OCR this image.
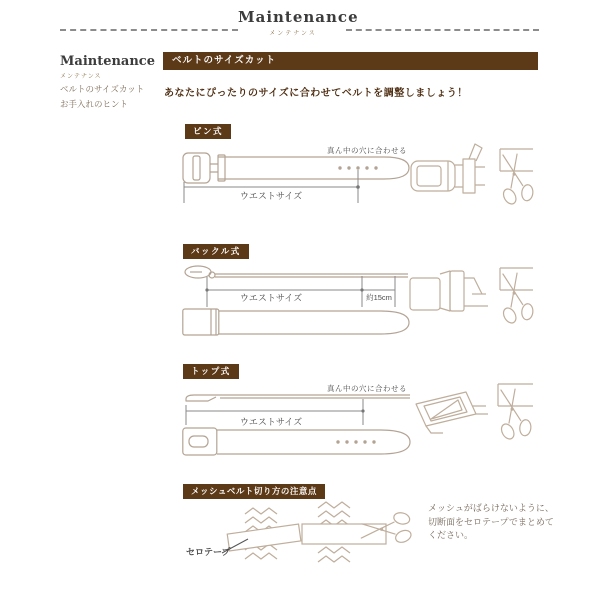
Maintenance
メンテナンス
Maintenance
メンテナンス
ベルトのサイズカット
お手入れのヒント
ベルトのサイズカット
あなたにぴったりのサイズに合わせてベルトを調整しましょう！
ピン式
真ん中の穴に合わせる
ウエストサイズ
バックル式
ウエストサイズ	約15cm
トップ式
真ん中の穴に合わせる
ウエストサイズ
メッシュベルト切り方の注意点
セロテープ
メッシュがばらけないように、
切断面をセロテープでまとめて
ください。
